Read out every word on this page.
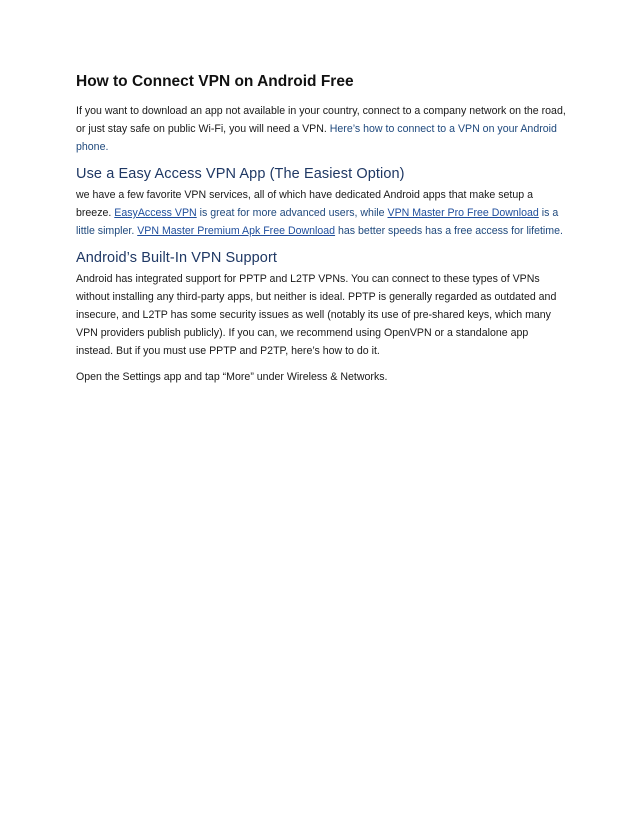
How to Connect VPN on Android Free

If you want to download an app not available in your country, connect to a company network on the road, or just stay safe on public Wi-Fi, you will need a VPN. Here’s how to connect to a VPN on your Android phone.

Use a Easy Access VPN App (The Easiest Option)

we have a few favorite VPN services, all of which have dedicated Android apps that make setup a breeze. EasyAccess VPN is great for more advanced users, while VPN Master Pro Free Download is a little simpler. VPN Master Premium Apk Free Download has better speeds has a free access for lifetime.

Android’s Built-In VPN Support

Android has integrated support for PPTP and L2TP VPNs. You can connect to these types of VPNs without installing any third-party apps, but neither is ideal. PPTP is generally regarded as outdated and insecure, and L2TP has some security issues as well (notably its use of pre-shared keys, which many VPN providers publish publicly). If you can, we recommend using OpenVPN or a standalone app instead. But if you must use PPTP and P2TP, here’s how to do it.

Open the Settings app and tap “More” under Wireless & Networks.
